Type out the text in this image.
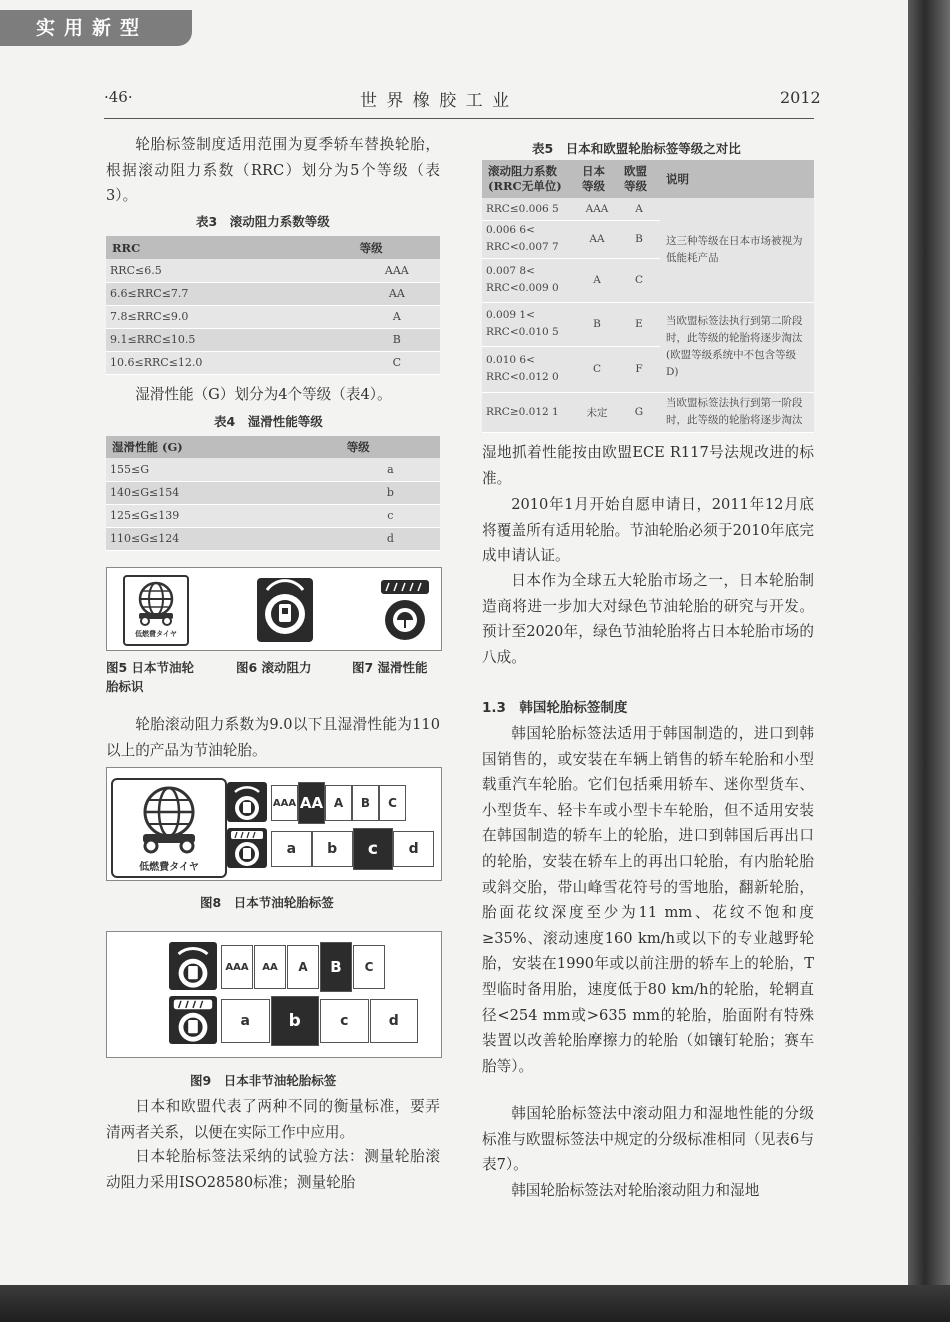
实用新型
·46·	世 界 橡 胶 工 业	2012
轮胎标签制度适用范围为夏季轿车替换轮胎，根据滚动阻力系数（RRC）划分为5个等级（表3）。
表3　滚动阻力系数等级
RRC	等级
RRC≤6.5	AAA
6.6≤RRC≤7.7	AA
7.8≤RRC≤9.0	A
9.1≤RRC≤10.5	B
10.6≤RRC≤12.0	C
湿滑性能（G）划分为4个等级（表4）。
表4　湿滑性能等级
湿滑性能 (G)	等级
155≤G	a
140≤G≤154	b
125≤G≤139	c
110≤G≤124	d
低燃費タイヤ
图5 日本节油轮胎标识
图6 滚动阻力	图7 湿滑性能
轮胎滚动阻力系数为9.0以下且湿滑性能为110以上的产品为节油轮胎。
低燃費タイヤ
AAA AA A	B	C
a	b	c	d
图8　日本节油轮胎标签
AAA	AA	A	B	C
a	b	c	d
图9　日本非节油轮胎标签
日本和欧盟代表了两种不同的衡量标准，要弄清两者关系，以便在实际工作中应用。
日本轮胎标签法采纳的试验方法：测量轮胎滚动阻力采用ISO28580标准；测量轮胎
表5　日本和欧盟轮胎标签等级之对比
滚动阻力系数 (RRC无单位)	日本 等级	欧盟 等级	说明
RRC≤0.006 5	AAA	A	这三种等级在日本市场被视为低能耗产品
0.006 6< RRC<0.007 7	AA	B	
0.007 8< RRC<0.009 0	A	C	
0.009 1< RRC<0.010 5	B	E	当欧盟标签法执行到第二阶段时，此等级的轮胎将逐步淘汰(欧盟等级系统中不包含等级D)
0.010 6< RRC<0.012 0	C	F	
RRC≥0.012 1	未定	G	当欧盟标签法执行到第一阶段时，此等级的轮胎将逐步淘汰
湿地抓着性能按由欧盟ECE R117号法规改进的标准。
2010年1月开始自愿申请日，2011年12月底将覆盖所有适用轮胎。节油轮胎必须于2010年底完成申请认证。
日本作为全球五大轮胎市场之一，日本轮胎制造商将进一步加大对绿色节油轮胎的研究与开发。预计至2020年，绿色节油轮胎将占日本轮胎市场的八成。
1.3　韩国轮胎标签制度
韩国轮胎标签法适用于韩国制造的，进口到韩国销售的，或安装在车辆上销售的轿车轮胎和小型载重汽车轮胎。它们包括乘用轿车、迷你型货车、小型货车、轻卡车或小型卡车轮胎，但不适用安装在韩国制造的轿车上的轮胎，进口到韩国后再出口的轮胎，安装在轿车上的再出口轮胎，有内胎轮胎或斜交胎，带山峰雪花符号的雪地胎，翻新轮胎，胎面花纹深度至少为11 mm、花纹不饱和度≥35%、滚动速度160 km/h或以下的专业越野轮胎，安装在1990年或以前注册的轿车上的轮胎，T型临时备用胎，速度低于80 km/h的轮胎，轮辋直径<254 mm或>635 mm的轮胎，胎面附有特殊装置以改善轮胎摩擦力的轮胎（如镶钉轮胎；赛车胎等）。
韩国轮胎标签法中滚动阻力和湿地性能的分级标准与欧盟标签法中规定的分级标准相同（见表6与表7）。
韩国轮胎标签法对轮胎滚动阻力和湿地
